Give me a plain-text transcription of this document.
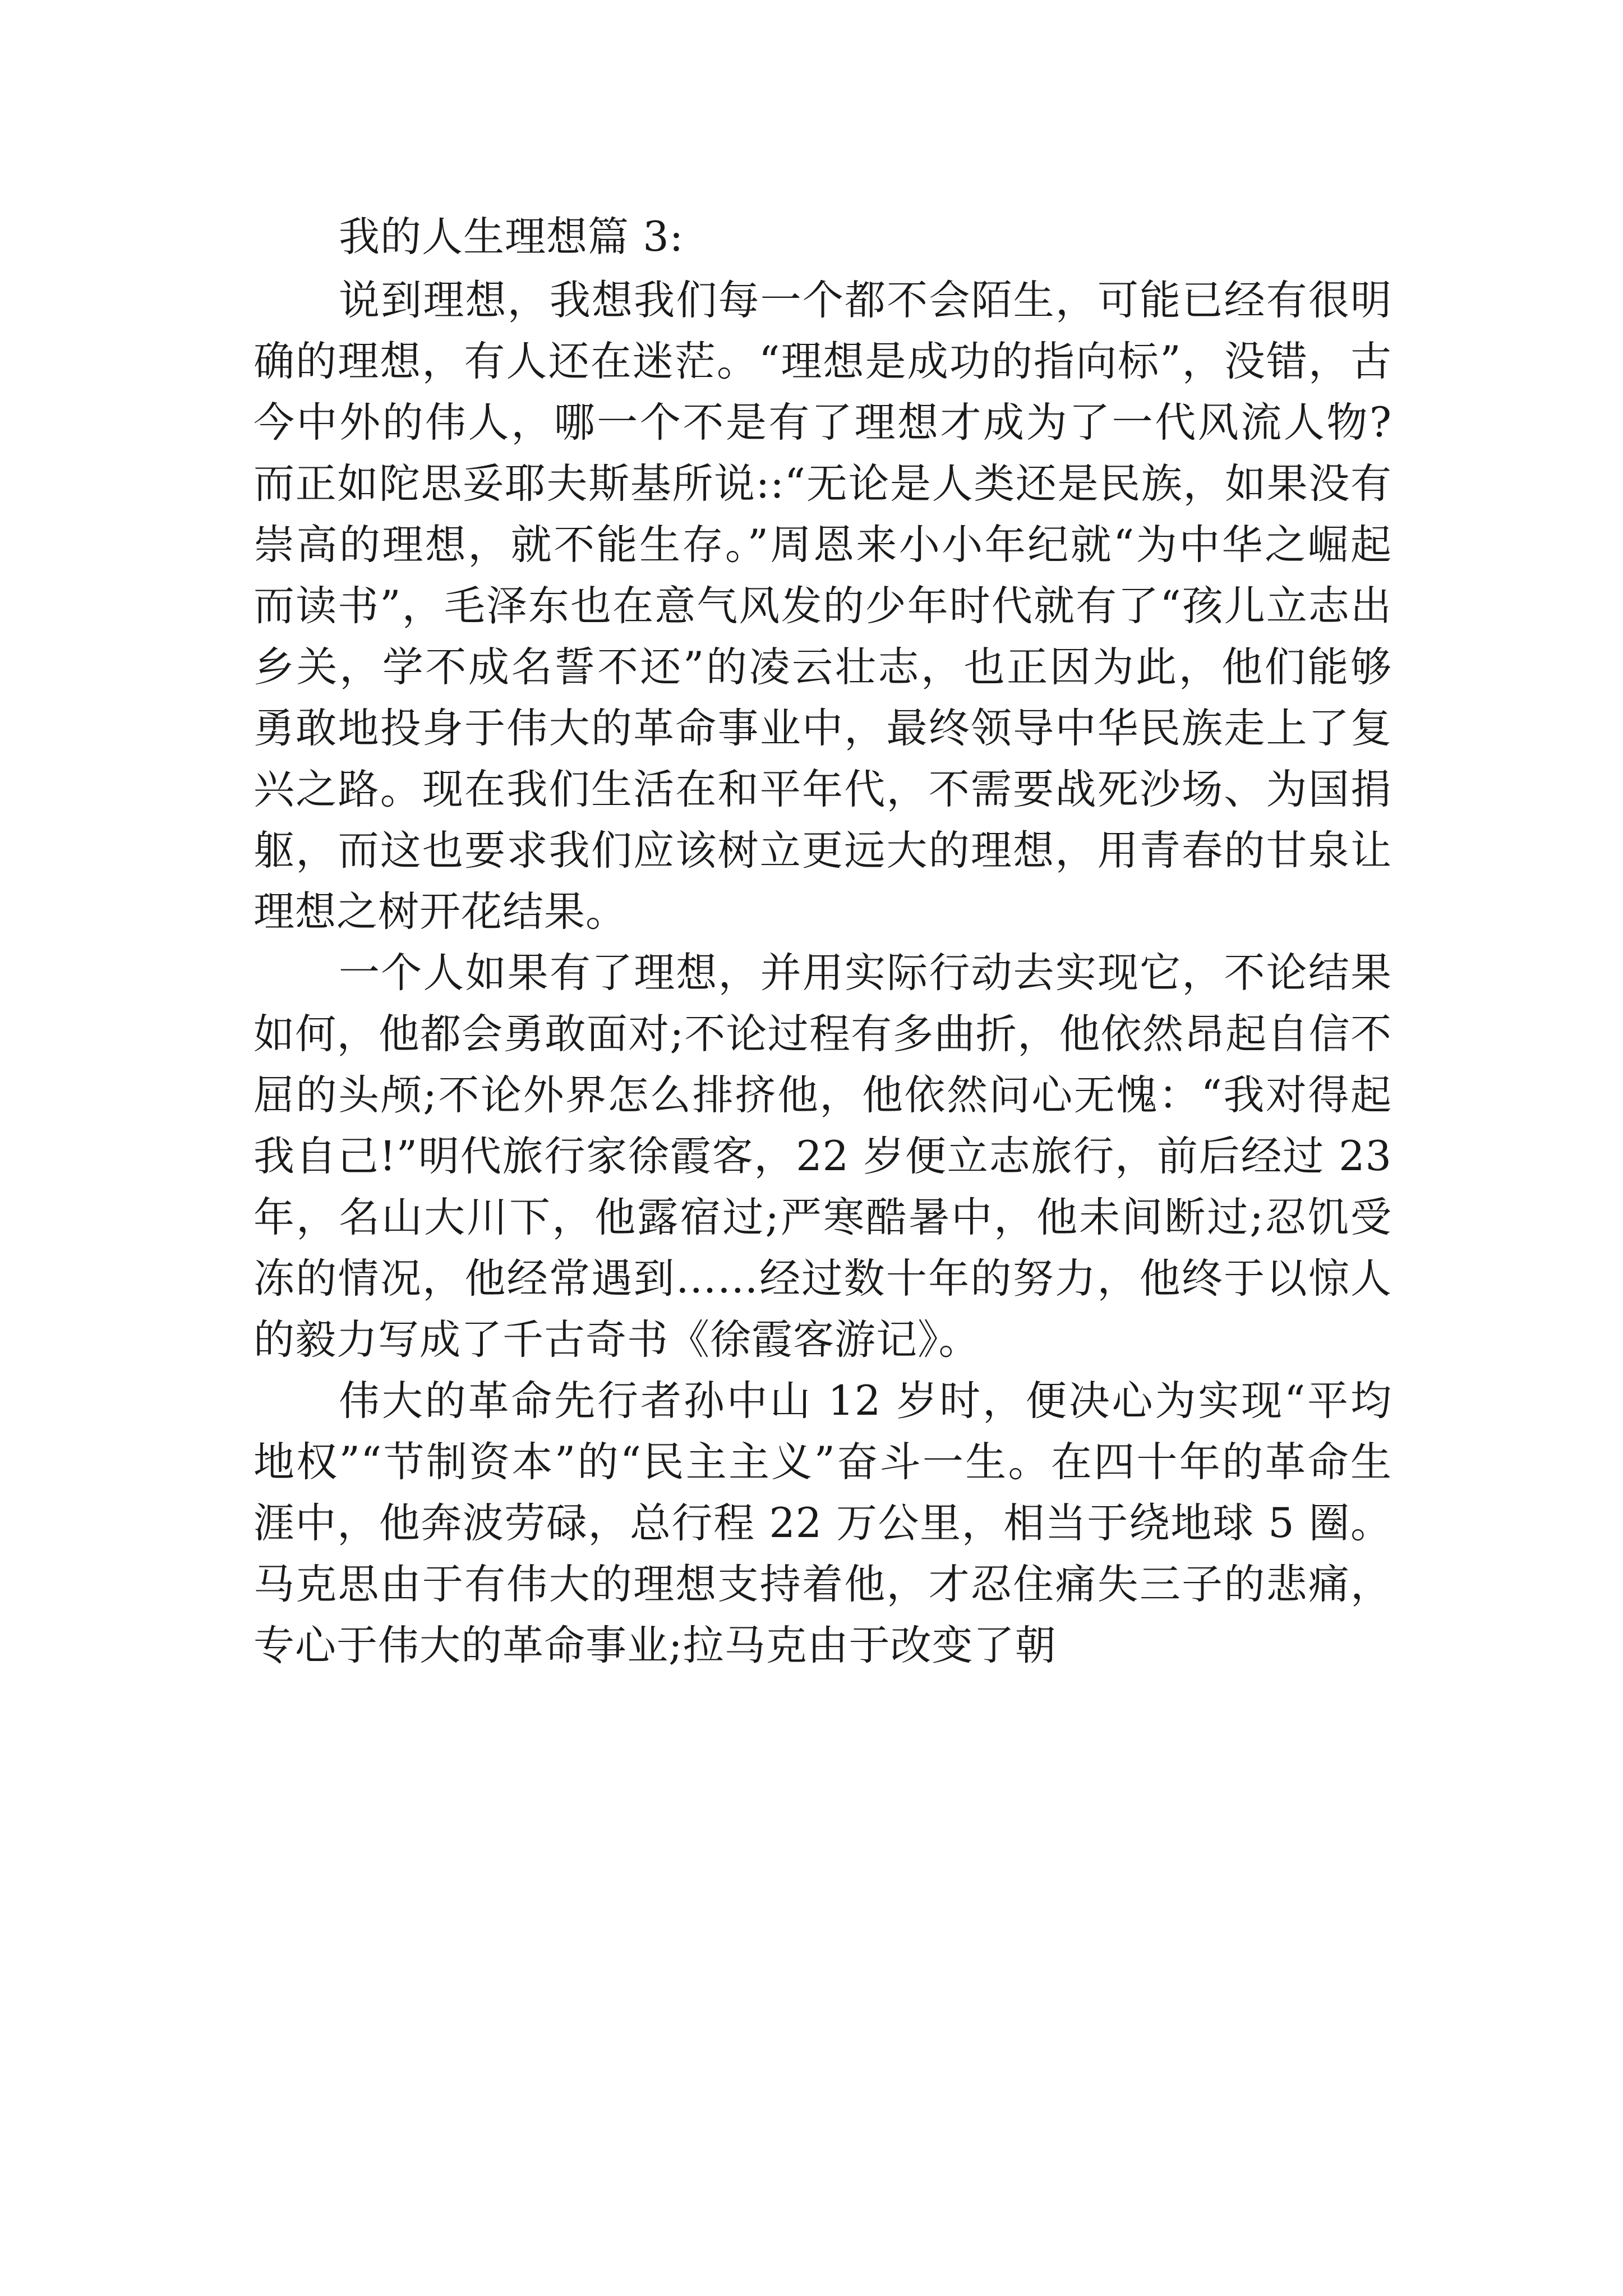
我的人生理想篇 3:

说到理想，我想我们每一个都不会陌生，可能已经有很明确的理想，有人还在迷茫。“理想是成功的指向标”，没错，古今中外的伟人，哪一个不是有了理想才成为了一代风流人物?而正如陀思妥耶夫斯基所说::“无论是人类还是民族，如果没有崇高的理想，就不能生存。”周恩来小小年纪就“为中华之崛起而读书”，毛泽东也在意气风发的少年时代就有了“孩儿立志出乡关，学不成名誓不还”的凌云壮志，也正因为此，他们能够勇敢地投身于伟大的革命事业中，最终领导中华民族走上了复兴之路。现在我们生活在和平年代，不需要战死沙场、为国捐躯，而这也要求我们应该树立更远大的理想，用青春的甘泉让理想之树开花结果。

一个人如果有了理想，并用实际行动去实现它，不论结果如何，他都会勇敢面对;不论过程有多曲折，他依然昂起自信不屈的头颅;不论外界怎么排挤他，他依然问心无愧：“我对得起我自己!”明代旅行家徐霞客，22 岁便立志旅行，前后经过 23 年，名山大川下，他露宿过;严寒酷暑中，他未间断过;忍饥受冻的情况，他经常遇到……经过数十年的努力，他终于以惊人的毅力写成了千古奇书《徐霞客游记》。

伟大的革命先行者孙中山 12 岁时，便决心为实现“平均地权”“节制资本”的“民主主义”奋斗一生。在四十年的革命生涯中，他奔波劳碌，总行程 22 万公里，相当于绕地球 5 圈。马克思由于有伟大的理想支持着他，才忍住痛失三子的悲痛，专心于伟大的革命事业;拉马克由于改变了朝
